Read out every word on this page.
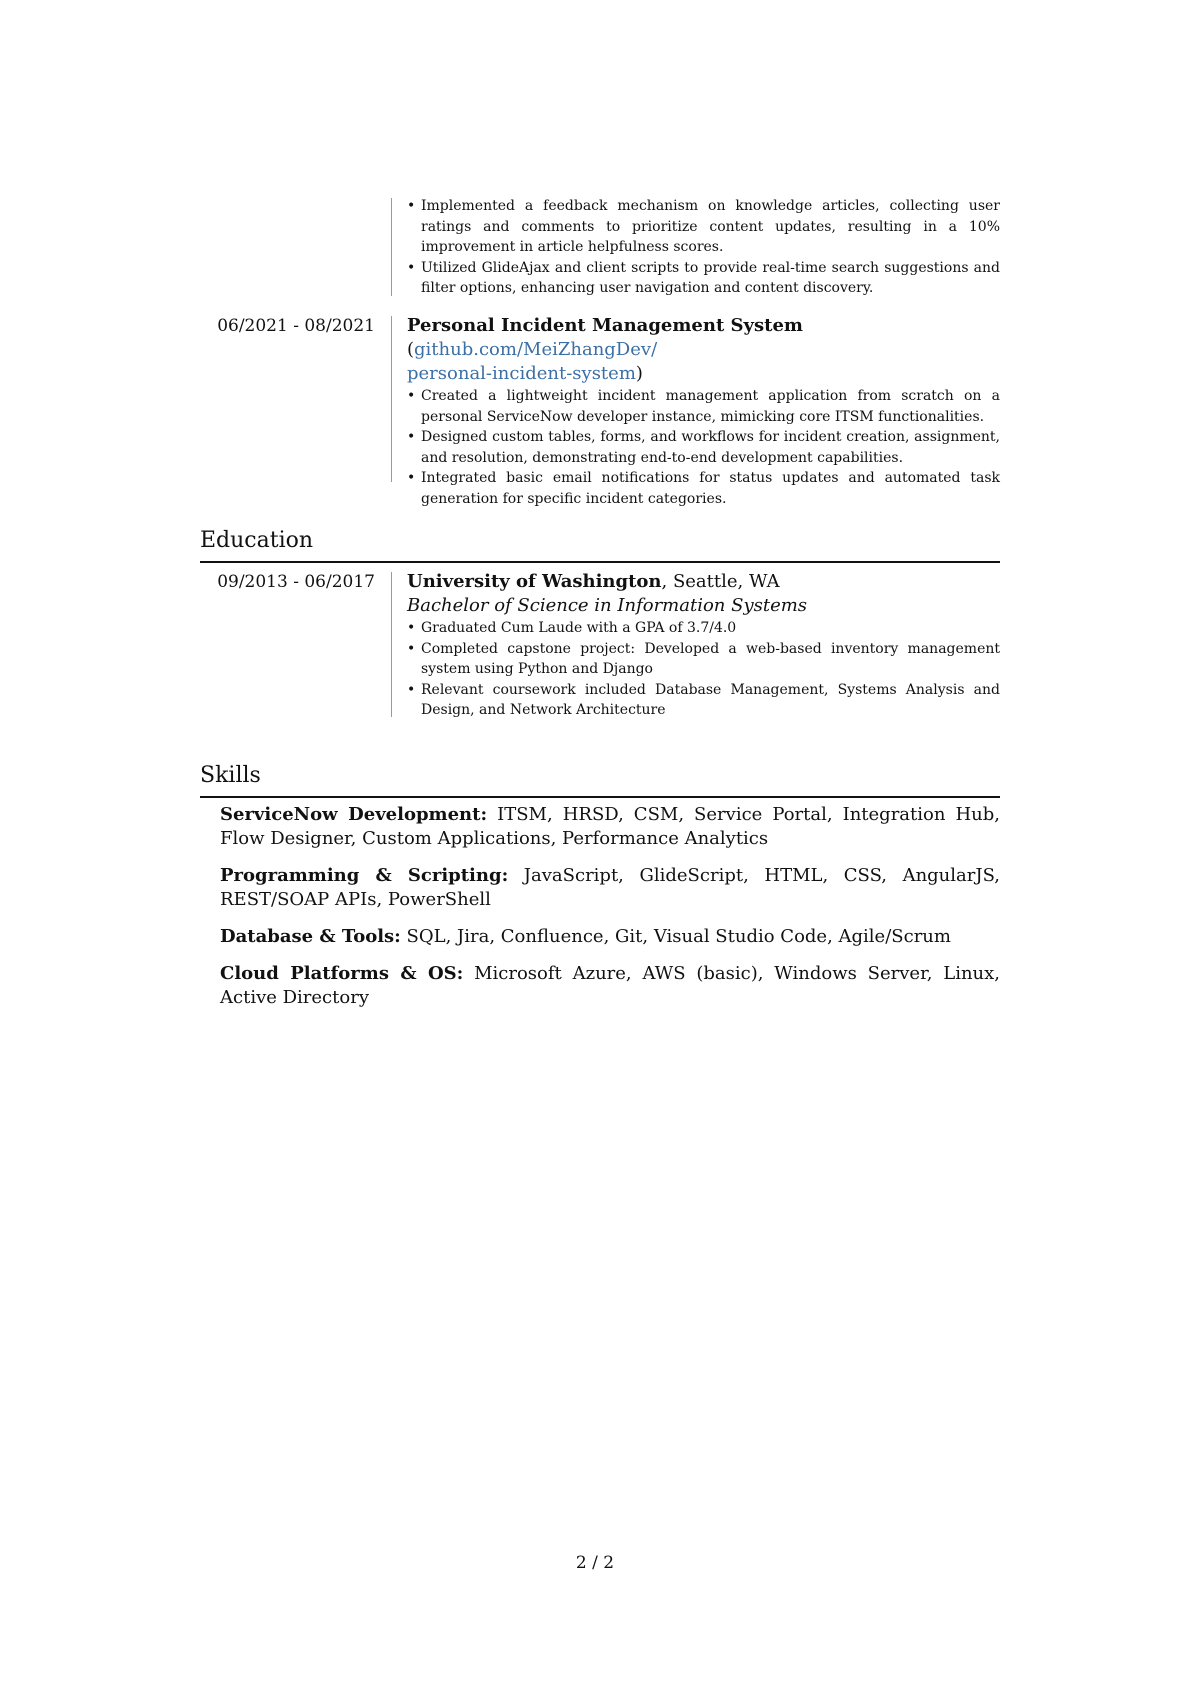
• Implemented a feedback mechanism on knowledge articles, collecting user ratings and comments to prioritize content updates, resulting in a 10% improvement in article helpfulness scores.
• Utilized GlideAjax and client scripts to provide real-time search suggestions and filter options, enhancing user navigation and content discovery.
06/2021 - 08/2021 Personal Incident Management System (github.com/MeiZhangDev/
personal-incident-system)

• Created a lightweight incident management application from scratch on a personal ServiceNow developer instance, mimicking core ITSM functionalities.
• Designed custom tables, forms, and workflows for incident creation, assignment, and resolution, demonstrating end-to-end development capabilities.
• Integrated basic email notifications for status updates and automated task generation for specific incident categories.
Education
09/2013 - 06/2017 University of Washington, Seattle, WA

Bachelor of Science in Information Systems

• Graduated Cum Laude with a GPA of 3.7/4.0
• Completed capstone project: Developed a web-based inventory management system using Python and Django
• Relevant coursework included Database Management, Systems Analysis and Design, and Network Architecture
Skills

ServiceNow Development: ITSM, HRSD, CSM, Service Portal, Integration Hub, Flow Designer, Custom Applications, Performance Analytics

Programming & Scripting: JavaScript, GlideScript, HTML, CSS, AngularJS, REST/SOAP APIs, PowerShell

Database & Tools: SQL, Jira, Confluence, Git, Visual Studio Code, Agile/Scrum

Cloud Platforms & OS: Microsoft Azure, AWS (basic), Windows Server, Linux, Active Directory

2 / 2
